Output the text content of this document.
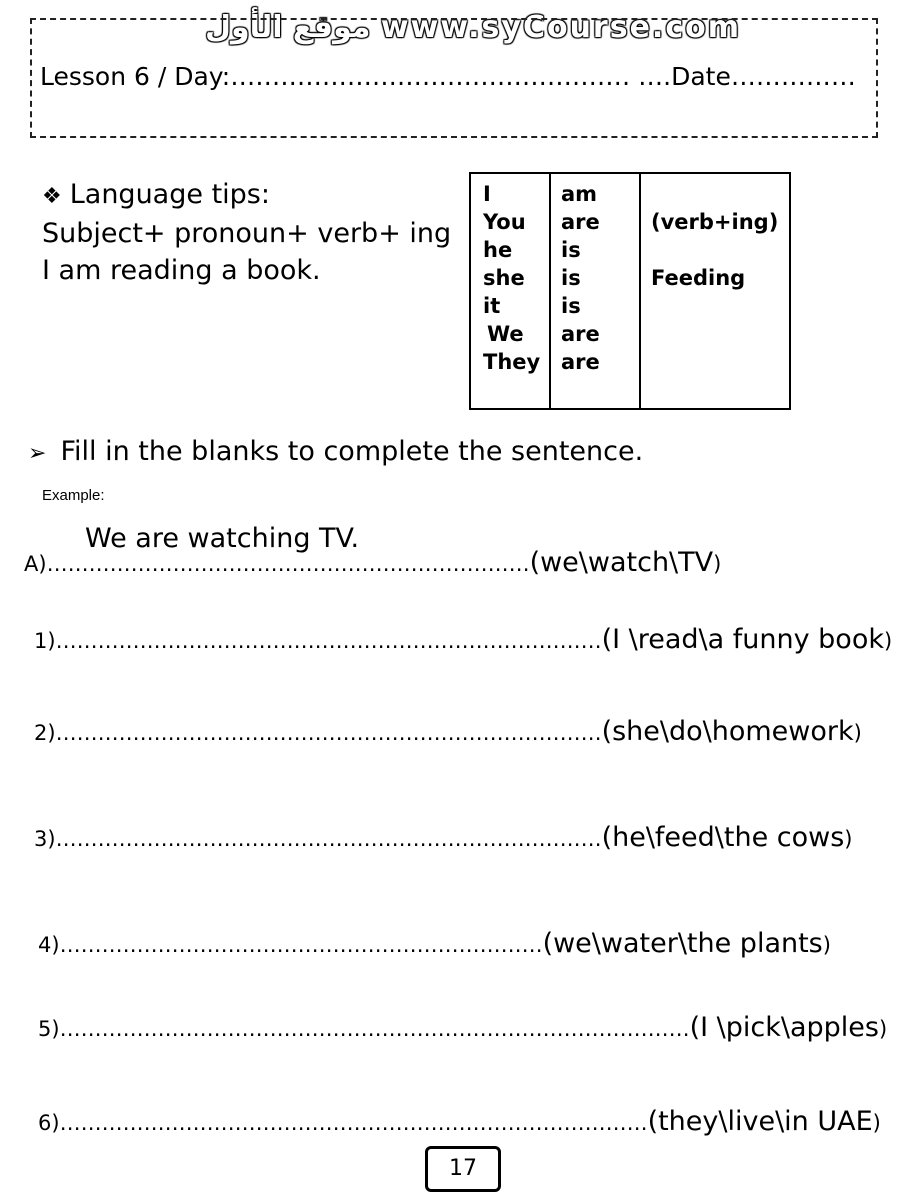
موقع الأول www.syCourse.com
Lesson 6 / Day:………………………………………… ….Date……………
❖ Language tips:
Subject+ pronoun+ verb+ ing
I am reading a book.
I
You
he
she
it
We
They
am
are
is
is
is
are
are
(verb+ing)
Feeding
➢ Fill in the blanks to complete the sentence.
Example:
We are watching TV.
A) …………………………………………………………… (we\watch\TV )
1) …………………………………………………………………… (I \read\a funny book )
2) …………………………………………………………………… (she\do\homework )
3) …………………………………………………………………… (he\feed\the cows )
4) …………………………………………………………… (we\water\the plants )
5) ……………………………………………………………………………… (I \pick\apples )
6) ………………………………………………………………………… (they\live\in UAE )
17
